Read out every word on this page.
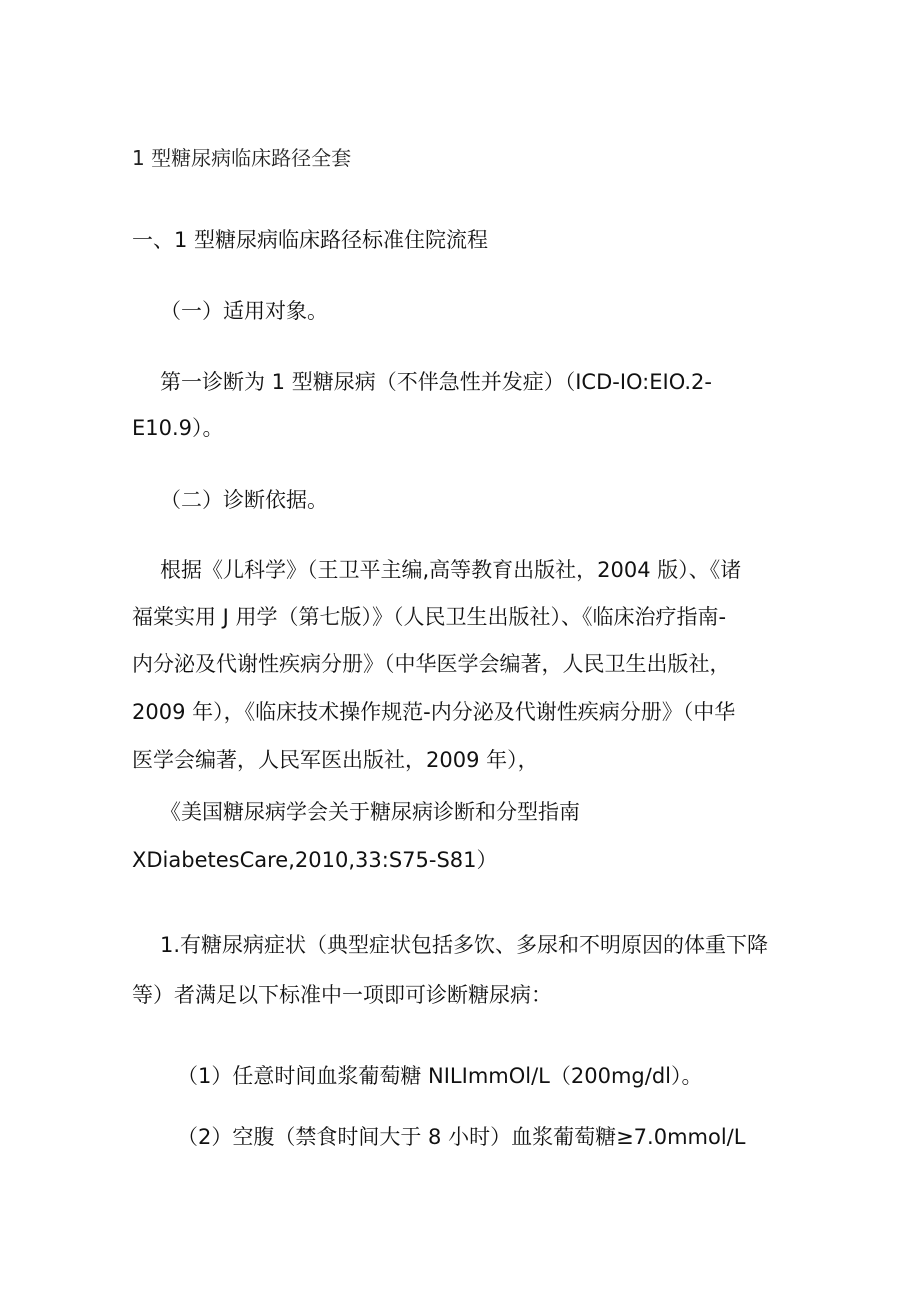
1 型糖尿病临床路径全套
一、1 型糖尿病临床路径标准住院流程
（一）适用对象。
第一诊断为 1 型糖尿病（不伴急性并发症）（ICD-IO:EIO.2-
E10.9）。
（二）诊断依据。
根据《儿科学》（王卫平主编,高等教育出版社，2004 版）、《诸
福棠实用 J 用学（第七版）》（人民卫生出版社）、《临床治疗指南-
内分泌及代谢性疾病分册》（中华医学会编著，人民卫生出版社，
2009 年），《临床技术操作规范-内分泌及代谢性疾病分册》（中华
医学会编著，人民军医出版社，2009 年），
《美国糖尿病学会关于糖尿病诊断和分型指南
XDiabetesCare,2010,33:S75-S81）
1.有糖尿病症状（典型症状包括多饮、多尿和不明原因的体重下降
等）者满足以下标准中一项即可诊断糖尿病：
（1）任意时间血浆葡萄糖 NILImmOl/L（200mg∕dl）。
（2）空腹（禁食时间大于 8 小时）血浆葡萄糖≥7.0mmol∕L
